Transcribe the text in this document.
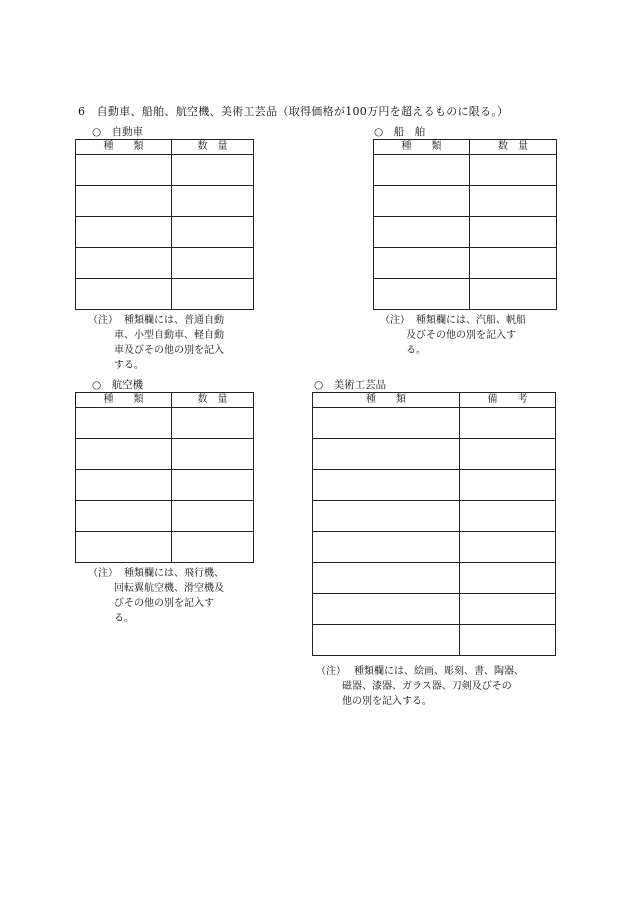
6　自動車、船舶、航空機、美術工芸品（取得価格が100万円を超えるものに限る。）
○　自動車
種　　類	数　量

（注） 種類欄には、普通自動
車、小型自動車、軽自動
車及びその他の別を記入
する。
○　船　舶
種　　類	数　量

（注） 種類欄には、汽船、帆船
及びその他の別を記入す
る。
○　航空機
種　　類	数　量

（注） 種類欄には、飛行機、
回転翼航空機、滑空機及
びその他の別を記入す
る。
○　美術工芸品
種　　類	備　　考

（注） 種類欄には、絵画、彫刻、書、陶器、
磁器、漆器、ガラス器、刀剣及びその
他の別を記入する。
